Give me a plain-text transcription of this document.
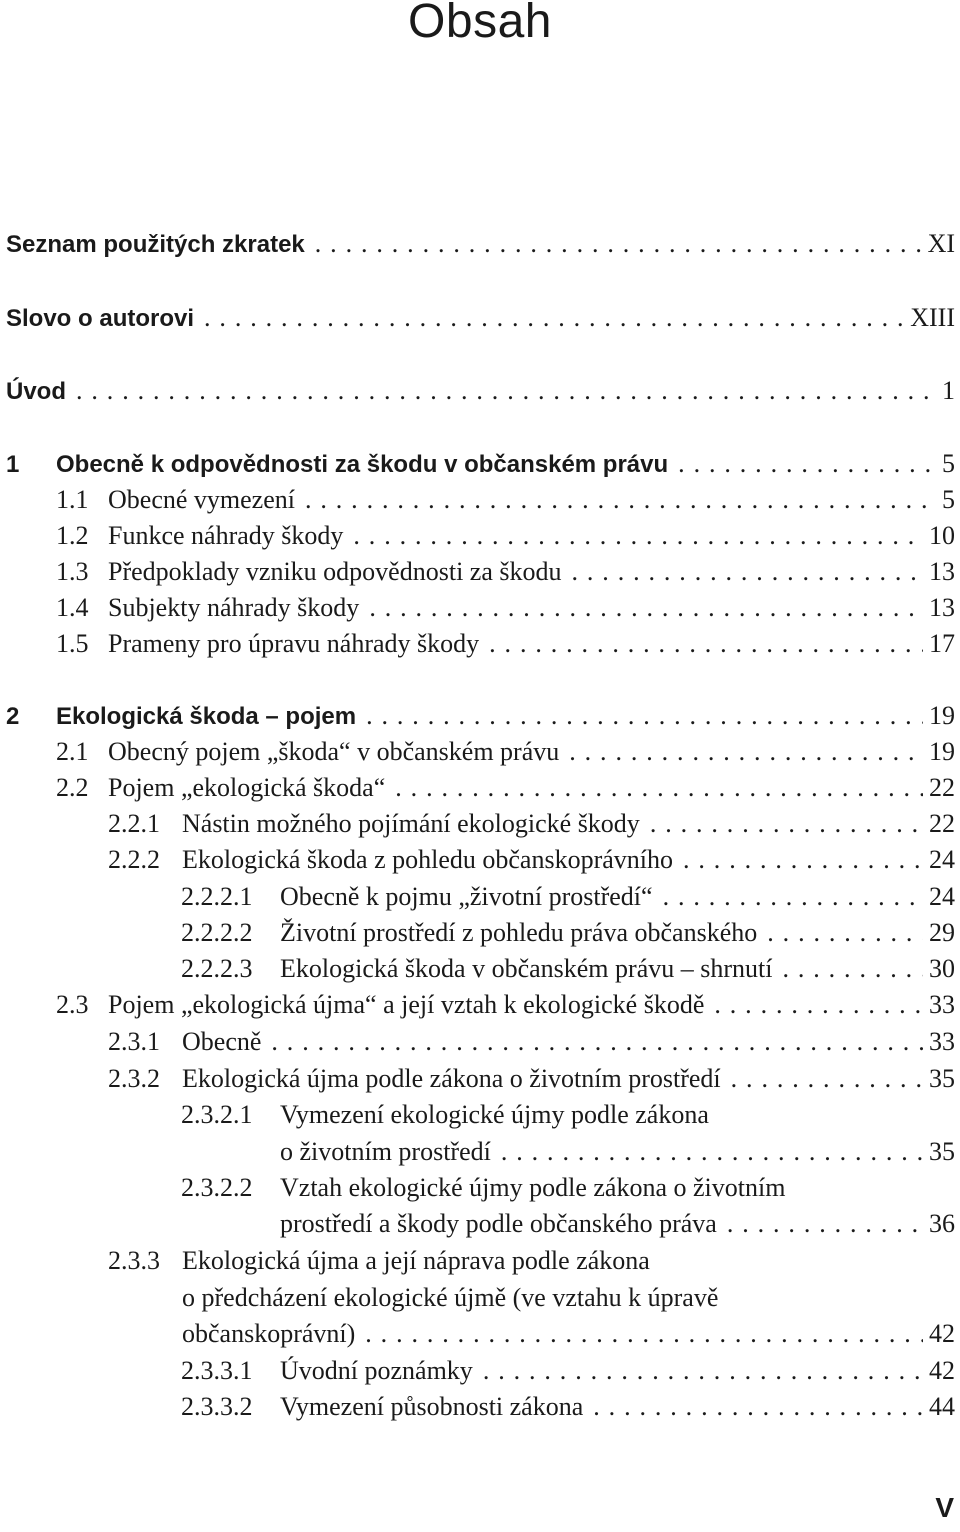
Obsah
Seznam použitých zkratek . . .	XI
Slovo o autorovi . . .	XIII
Úvod . . .	1
1	Obecně k odpovědnosti za škodu v občanském právu . . .	5
1.1 Obecné vymezení . . .	5
1.2 Funkce náhrady škody . . .	10
1.3 Předpoklady vzniku odpovědnosti za škodu . . .	13
1.4 Subjekty náhrady škody . . .	13
1.5 Prameny pro úpravu náhrady škody . . .	17
2	Ekologická škoda – pojem . . .	19
2.1 Obecný pojem „škoda“ v občanském právu . . .	19
2.2 Pojem „ekologická škoda“ . . .	22
2.2.1 Nástin možného pojímání ekologické škody . . .	22
2.2.2 Ekologická škoda z pohledu občanskoprávního . . .	24
2.2.2.1	Obecně k pojmu „životní prostředí“ . . .	24
2.2.2.2	Životní prostředí z pohledu práva občanského . . .	29
2.2.2.3	Ekologická škoda v občanském právu – shrnutí . . .	30
2.3 Pojem „ekologická újma“ a její vztah k ekologické škodě . . .	33
2.3.1 Obecně . . .	33
2.3.2 Ekologická újma podle zákona o životním prostředí . . .	35
2.3.2.1	Vymezení ekologické újmy podle zákona
o životním prostředí . . .	35
2.3.2.2	Vztah ekologické újmy podle zákona o životním
prostředí a škody podle občanského práva . . .	36
2.3.3 Ekologická újma a její náprava podle zákona
o předcházení ekologické újmě (ve vztahu k úpravě
občanskoprávní) . . .	42
2.3.3.1	Úvodní poznámky . . .	42
2.3.3.2	Vymezení působnosti zákona . . .	44
V
